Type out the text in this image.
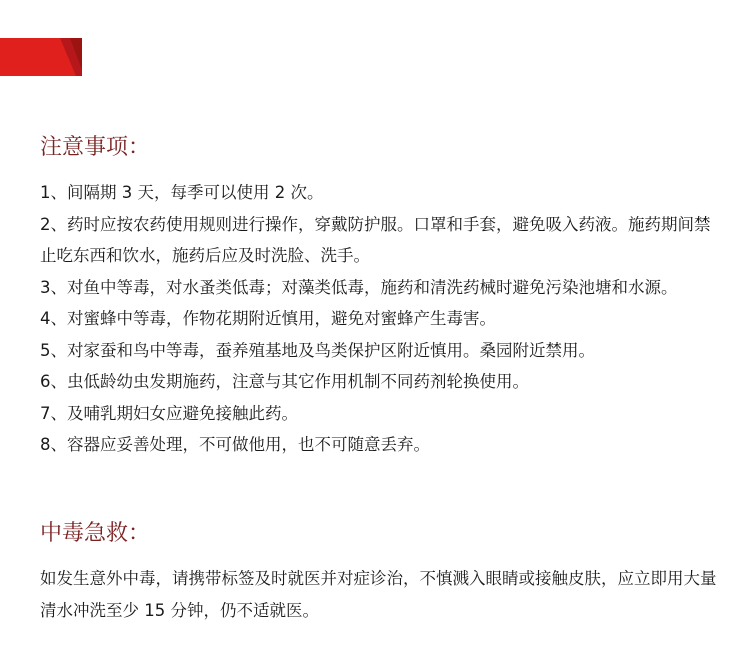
注意事项/ Notes
注意事项：
1、间隔期 3 天，每季可以使用 2 次。
2、药时应按农药使用规则进行操作，穿戴防护服。口罩和手套，避免吸入药液。施药期间禁止吃东西和饮水，施药后应及时洗脸、洗手。
3、对鱼中等毒，对水蚤类低毒；对藻类低毒，施药和清洗药械时避免污染池塘和水源。
4、对蜜蜂中等毒，作物花期附近慎用，避免对蜜蜂产生毒害。
5、对家蚕和鸟中等毒，蚕养殖基地及鸟类保护区附近慎用。桑园附近禁用。
6、虫低龄幼虫发期施药，注意与其它作用机制不同药剂轮换使用。
7、及哺乳期妇女应避免接触此药。
8、容器应妥善处理，不可做他用，也不可随意丢弃。
中毒急救：

如发生意外中毒，请携带标签及时就医并对症诊治，不慎溅入眼睛或接触皮肤，应立即用大量清水冲洗至少 15 分钟，仍不适就医。
